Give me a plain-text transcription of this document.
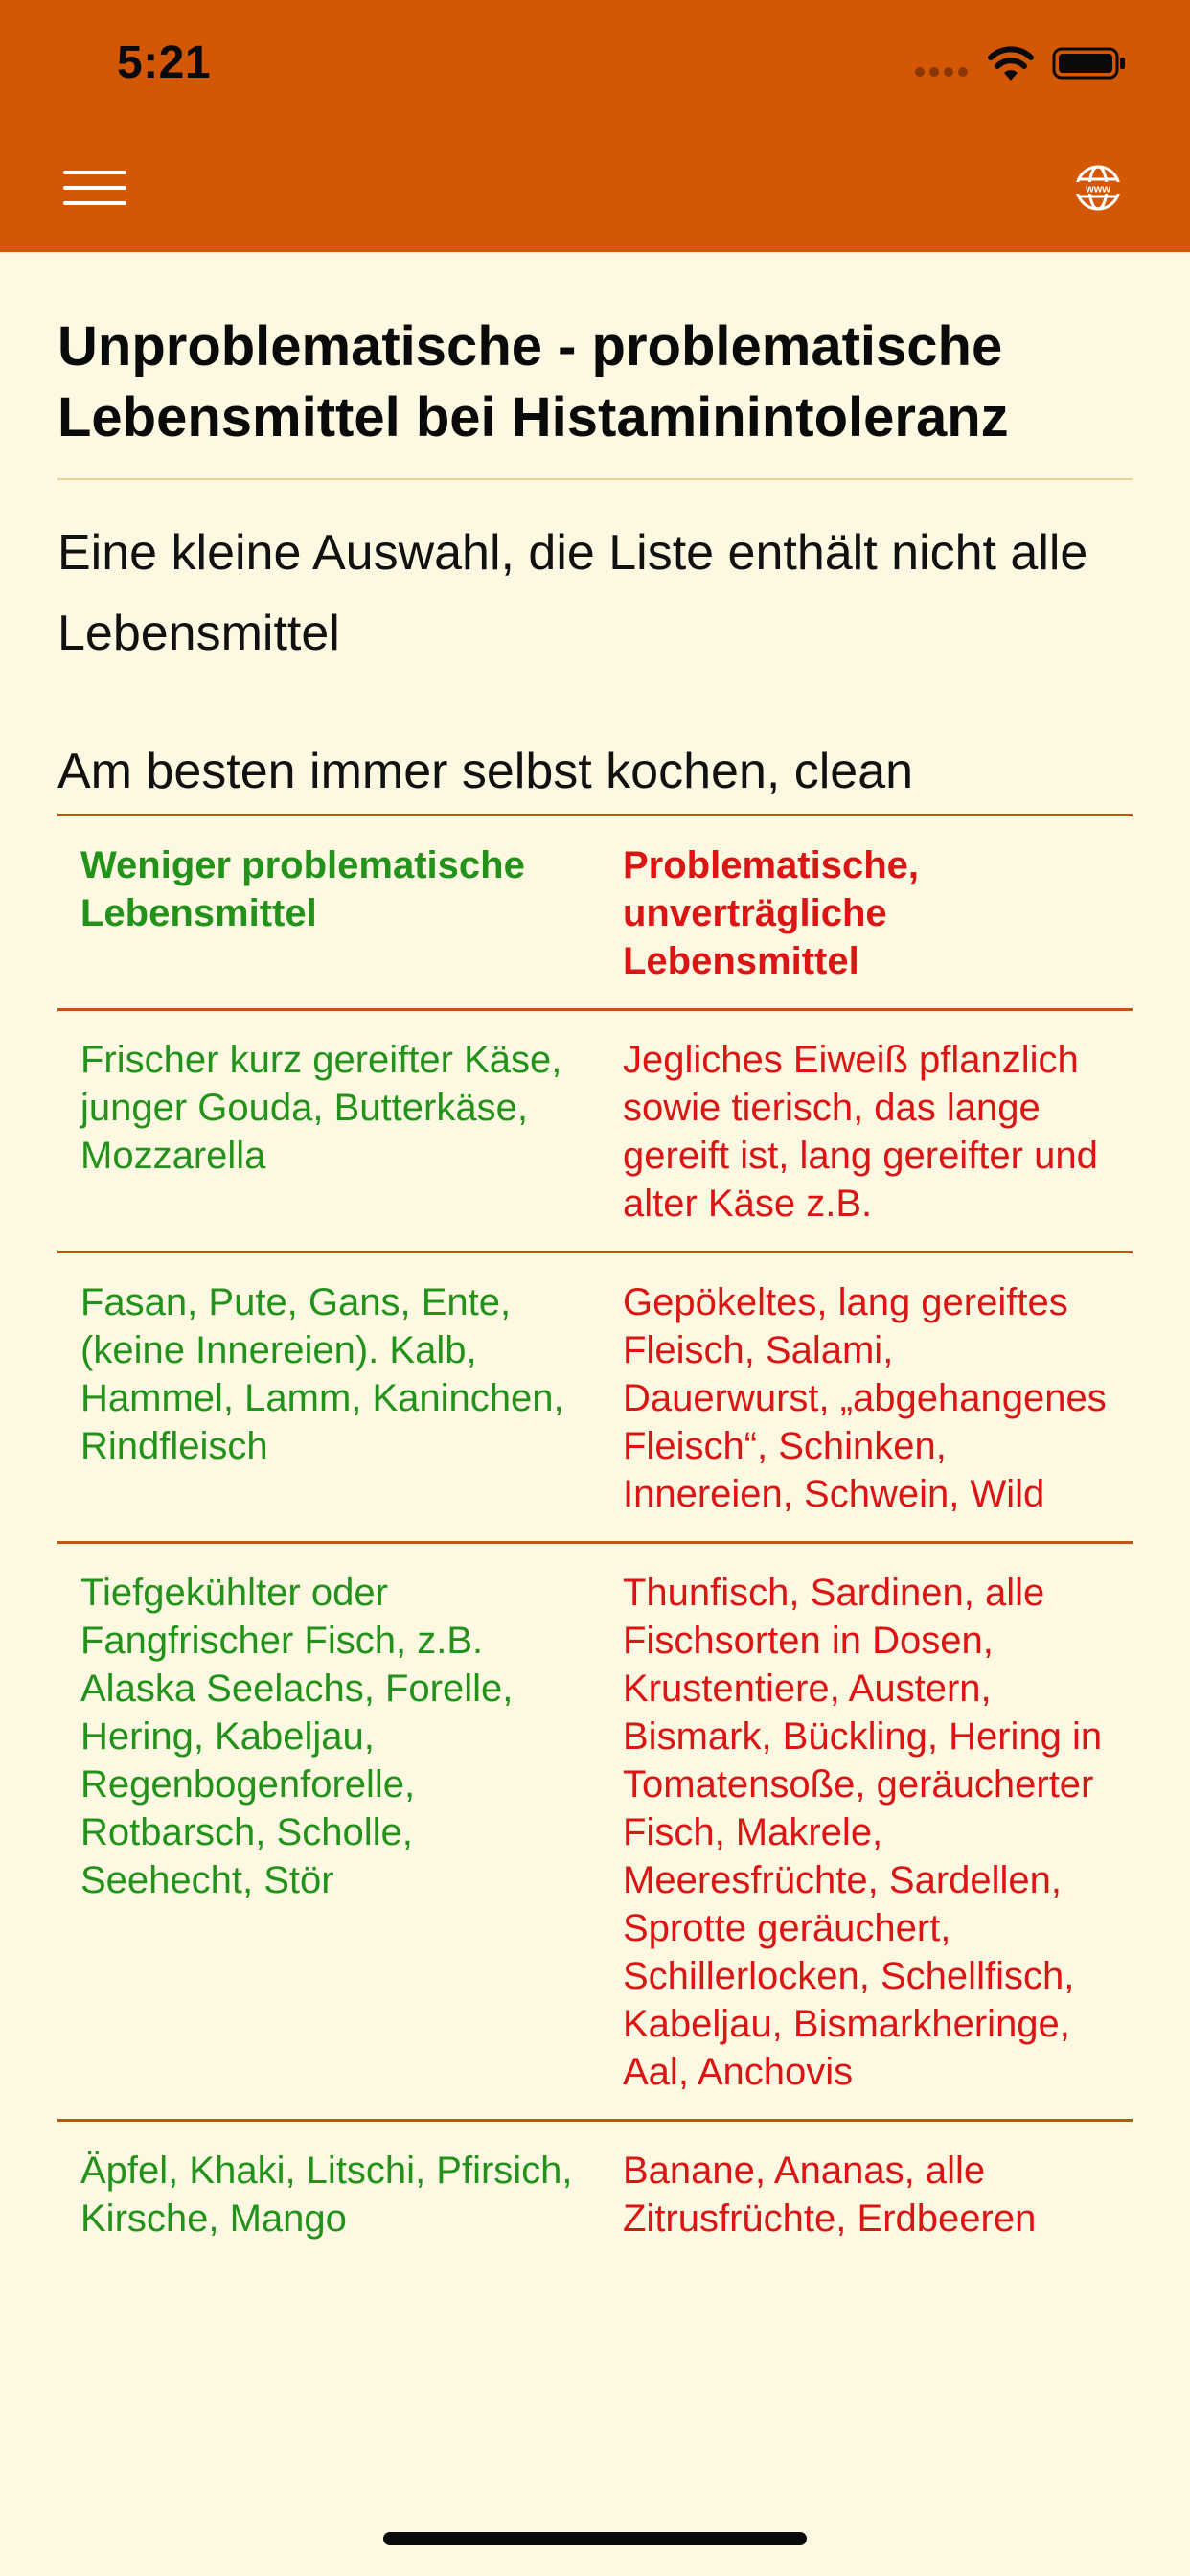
5:21
www
Unproblematische - problematische Lebensmittel bei Histaminintoleranz

Eine kleine Auswahl, die Liste enthält nicht alle Lebensmittel

Am besten immer selbst kochen, clean

Weniger problematische Lebensmittel
Problematische, unverträgliche Lebensmittel
Frischer kurz gereifter Käse, junger Gouda, Butterkäse, Mozzarella
Jegliches Eiweiß pflanzlich sowie tierisch, das lange gereift ist, lang gereifter und alter Käse z.B.
Fasan, Pute, Gans, Ente, (keine Innereien). Kalb, Hammel, Lamm, Kaninchen, Rindfleisch
Gepökeltes, lang gereiftes Fleisch, Salami, Dauerwurst, „abgehangenes Fleisch“, Schinken, Innereien, Schwein, Wild
Tiefgekühlter oder Fangfrischer Fisch, z.B. Alaska Seelachs, Forelle, Hering, Kabeljau, Regenbogenforelle, Rotbarsch, Scholle, Seehecht, Stör
Thunfisch, Sardinen, alle Fischsorten in Dosen, Krustentiere, Austern, Bismark, Bückling, Hering in Tomatensoße, geräucherter Fisch, Makrele, Meeresfrüchte, Sardellen, Sprotte geräuchert, Schillerlocken, Schellfisch, Kabeljau, Bismarkheringe, Aal, Anchovis
Äpfel, Khaki, Litschi, Pfirsich, Kirsche, Mango
Banane, Ananas, alle Zitrusfrüchte, Erdbeeren
